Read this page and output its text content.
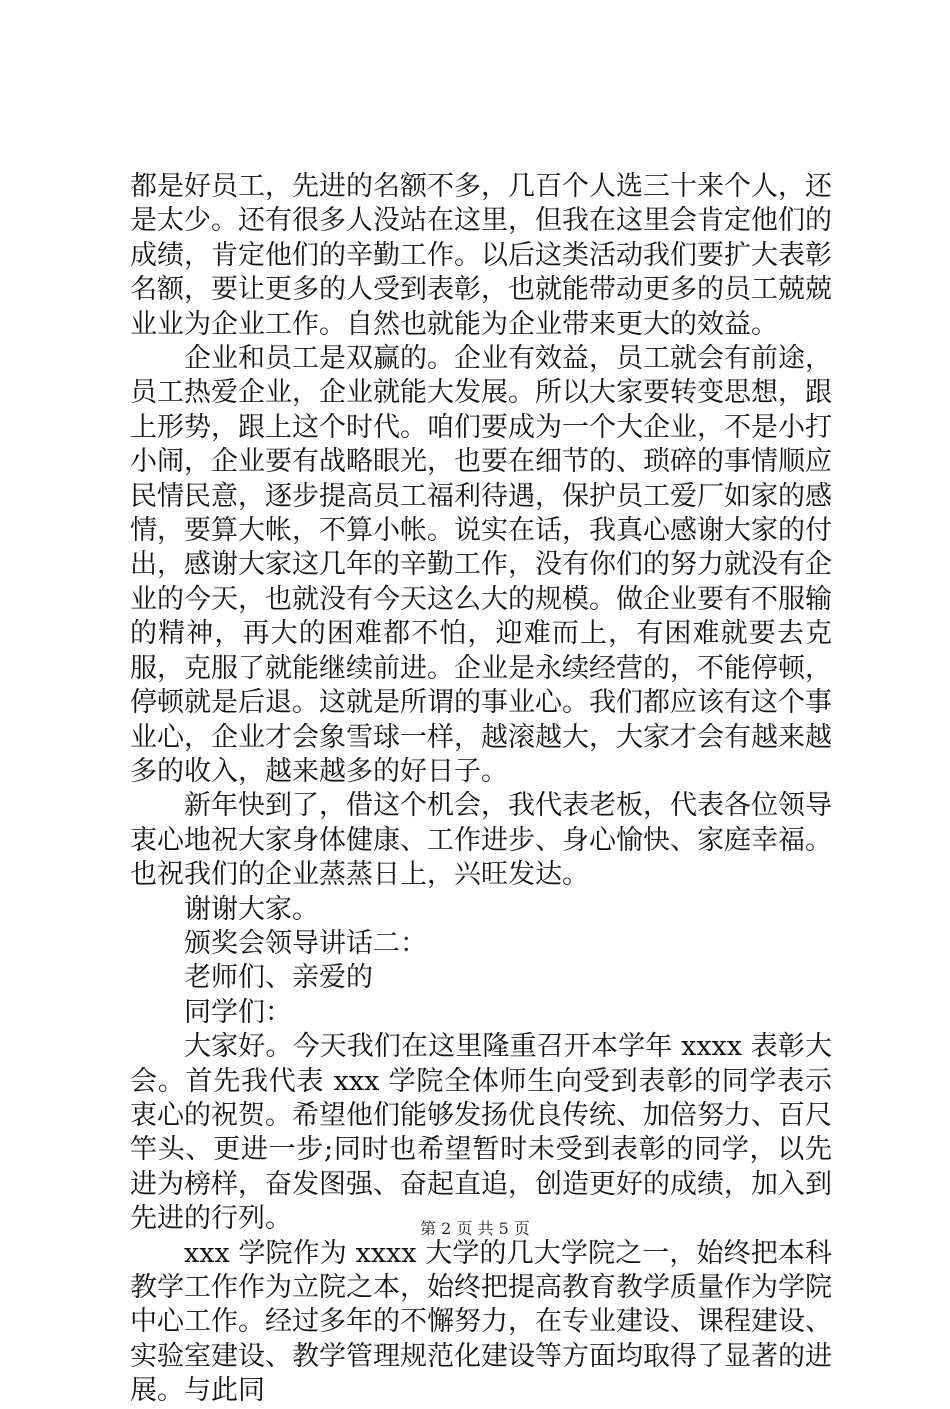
都是好员工，先进的名额不多，几百个人选三十来个人，还是太少。还有很多人没站在这里，但我在这里会肯定他们的成绩，肯定他们的辛勤工作。以后这类活动我们要扩大表彰名额，要让更多的人受到表彰，也就能带动更多的员工兢兢业业为企业工作。自然也就能为企业带来更大的效益。

企业和员工是双赢的。企业有效益，员工就会有前途，员工热爱企业，企业就能大发展。所以大家要转变思想，跟上形势，跟上这个时代。咱们要成为一个大企业，不是小打小闹，企业要有战略眼光，也要在细节的、琐碎的事情顺应民情民意，逐步提高员工福利待遇，保护员工爱厂如家的感情，要算大帐，不算小帐。说实在话，我真心感谢大家的付出，感谢大家这几年的辛勤工作，没有你们的努力就没有企业的今天，也就没有今天这么大的规模。做企业要有不服输的精神，再大的困难都不怕，迎难而上，有困难就要去克服，克服了就能继续前进。企业是永续经营的，不能停顿，停顿就是后退。这就是所谓的事业心。我们都应该有这个事业心，企业才会象雪球一样，越滚越大，大家才会有越来越多的收入，越来越多的好日子。

新年快到了，借这个机会，我代表老板，代表各位领导衷心地祝大家身体健康、工作进步、身心愉快、家庭幸福。也祝我们的企业蒸蒸日上，兴旺发达。

谢谢大家。

颁奖会领导讲话二：

老师们、亲爱的

同学们：

大家好。今天我们在这里隆重召开本学年 xxxx 表彰大会。首先我代表 xxx 学院全体师生向受到表彰的同学表示衷心的祝贺。希望他们能够发扬优良传统、加倍努力、百尺竿头、更进一步;同时也希望暂时未受到表彰的同学，以先进为榜样，奋发图强、奋起直追，创造更好的成绩，加入到先进的行列。

xxx 学院作为 xxxx 大学的几大学院之一，始终把本科教学工作作为立院之本，始终把提高教育教学质量作为学院中心工作。经过多年的不懈努力，在专业建设、课程建设、实验室建设、教学管理规范化建设等方面均取得了显著的进展。与此同

第 2 页 共 5 页
